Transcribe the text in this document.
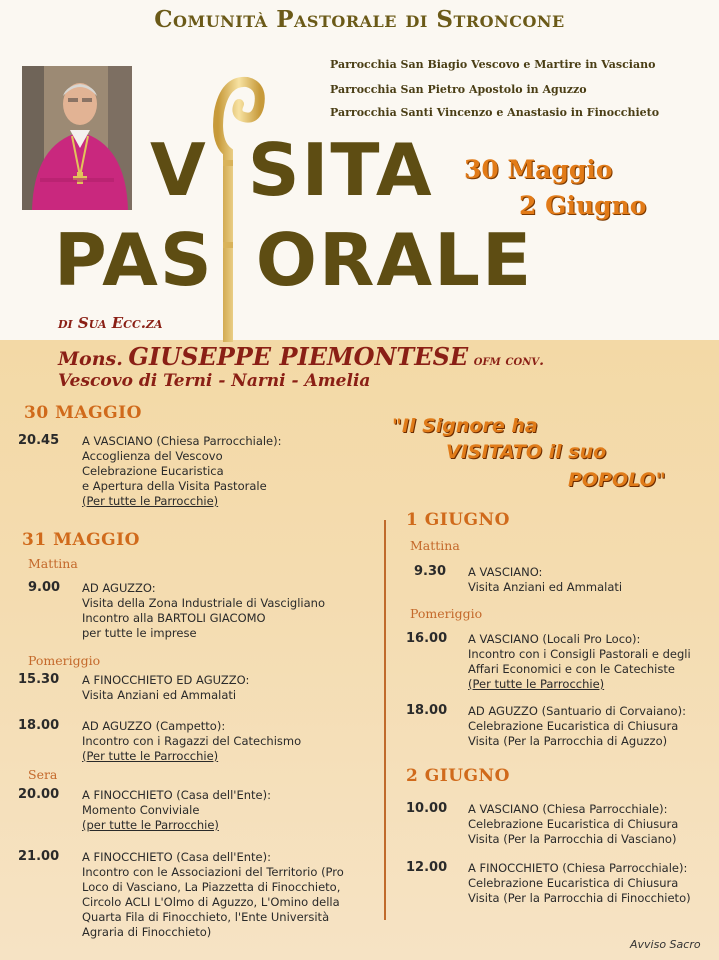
Comunità Pastorale di Stroncone
Parrocchia San Biagio Vescovo e Martire in Vasciano
Parrocchia San Pietro Apostolo in Aguzzo
Parrocchia Santi Vincenzo e Anastasio in Finocchieto
V SITA
PAS ORALE
30 Maggio
2 Giugno
di Sua Ecc.za
Mons. GIUSEPPE PIEMONTESE ofm conv.
Vescovo di Terni - Narni - Amelia
"Il Signore ha
VISITATO il suo
POPOLO"
30 MAGGIO
20.45 A VASCIANO (Chiesa Parrocchiale):
Accoglienza del Vescovo
Celebrazione Eucaristica
e Apertura della Visita Pastorale
(Per tutte le Parrocchie)
31 MAGGIO
Mattina
9.00 AD AGUZZO:
Visita della Zona Industriale di Vascigliano
Incontro alla BARTOLI GIACOMO
per tutte le imprese
Pomeriggio
15.30 A FINOCCHIETO ED AGUZZO:
Visita Anziani ed Ammalati
18.00 AD AGUZZO (Campetto):
Incontro con i Ragazzi del Catechismo
(Per tutte le Parrocchie)
Sera
20.00 A FINOCCHIETO (Casa dell'Ente):
Momento Conviviale
(per tutte le Parrocchie)
21.00 A FINOCCHIETO (Casa dell'Ente):
Incontro con le Associazioni del Territorio (Pro
Loco di Vasciano, La Piazzetta di Finocchieto,
Circolo ACLI L'Olmo di Aguzzo, L'Omino della
Quarta Fila di Finocchieto, l'Ente Università
Agraria di Finocchieto)
1 GIUGNO
Mattina
9.30 A VASCIANO:
Visita Anziani ed Ammalati
Pomeriggio
16.00 A VASCIANO (Locali Pro Loco):
Incontro con i Consigli Pastorali e degli
Affari Economici e con le Catechiste
(Per tutte le Parrocchie)
18.00 AD AGUZZO (Santuario di Corvaiano):
Celebrazione Eucaristica di Chiusura
Visita (Per la Parrocchia di Aguzzo)
2 GIUGNO
10.00 A VASCIANO (Chiesa Parrocchiale):
Celebrazione Eucaristica di Chiusura
Visita (Per la Parrocchia di Vasciano)
12.00 A FINOCCHIETO (Chiesa Parrocchiale):
Celebrazione Eucaristica di Chiusura
Visita (Per la Parrocchia di Finocchieto)
Avviso Sacro
